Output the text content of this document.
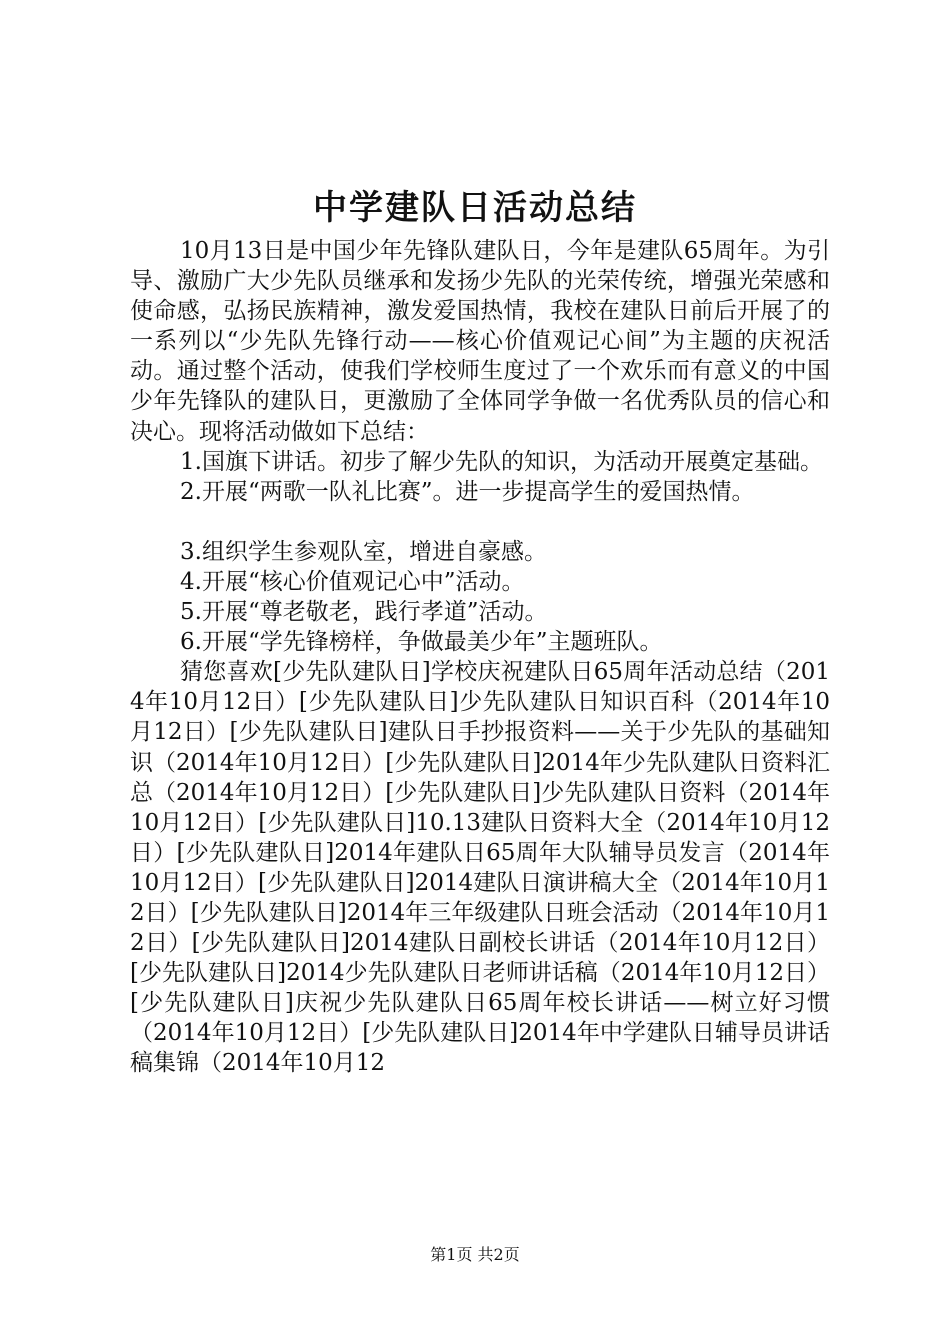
中学建队日活动总结

10月13日是中国少年先锋队建队日，今年是建队65周年。为引导、激励广大少先队员继承和发扬少先队的光荣传统，增强光荣感和使命感，弘扬民族精神，激发爱国热情，我校在建队日前后开展了的一系列以“少先队先锋行动——核心价值观记心间”为主题的庆祝活动。通过整个活动，使我们学校师生度过了一个欢乐而有意义的中国少年先锋队的建队日，更激励了全体同学争做一名优秀队员的信心和决心。现将活动做如下总结：

1.国旗下讲话。初步了解少先队的知识，为活动开展奠定基础。

2.开展“两歌一队礼比赛”。进一步提高学生的爱国热情。

3.组织学生参观队室，增进自豪感。

4.开展“核心价值观记心中”活动。

5.开展“尊老敬老，践行孝道”活动。

6.开展“学先锋榜样，争做最美少年”主题班队。

猜您喜欢[少先队建队日]学校庆祝建队日65周年活动总结（2014年10月12日）[少先队建队日]少先队建队日知识百科（2014年10月12日）[少先队建队日]建队日手抄报资料——关于少先队的基础知识（2014年10月12日）[少先队建队日]2014年少先队建队日资料汇总（2014年10月12日）[少先队建队日]少先队建队日资料（2014年10月12日）[少先队建队日]10.13建队日资料大全（2014年10月12日）[少先队建队日]2014年建队日65周年大队辅导员发言（2014年10月12日）[少先队建队日]2014建队日演讲稿大全（2014年10月12日）[少先队建队日]2014年三年级建队日班会活动（2014年10月12日）[少先队建队日]2014建队日副校长讲话（2014年10月12日）[少先队建队日]2014少先队建队日老师讲话稿（2014年10月12日）[少先队建队日]庆祝少先队建队日65周年校长讲话——树立好习惯（2014年10月12日）[少先队建队日]2014年中学建队日辅导员讲话稿集锦（2014年10月12

第1页 共2页
